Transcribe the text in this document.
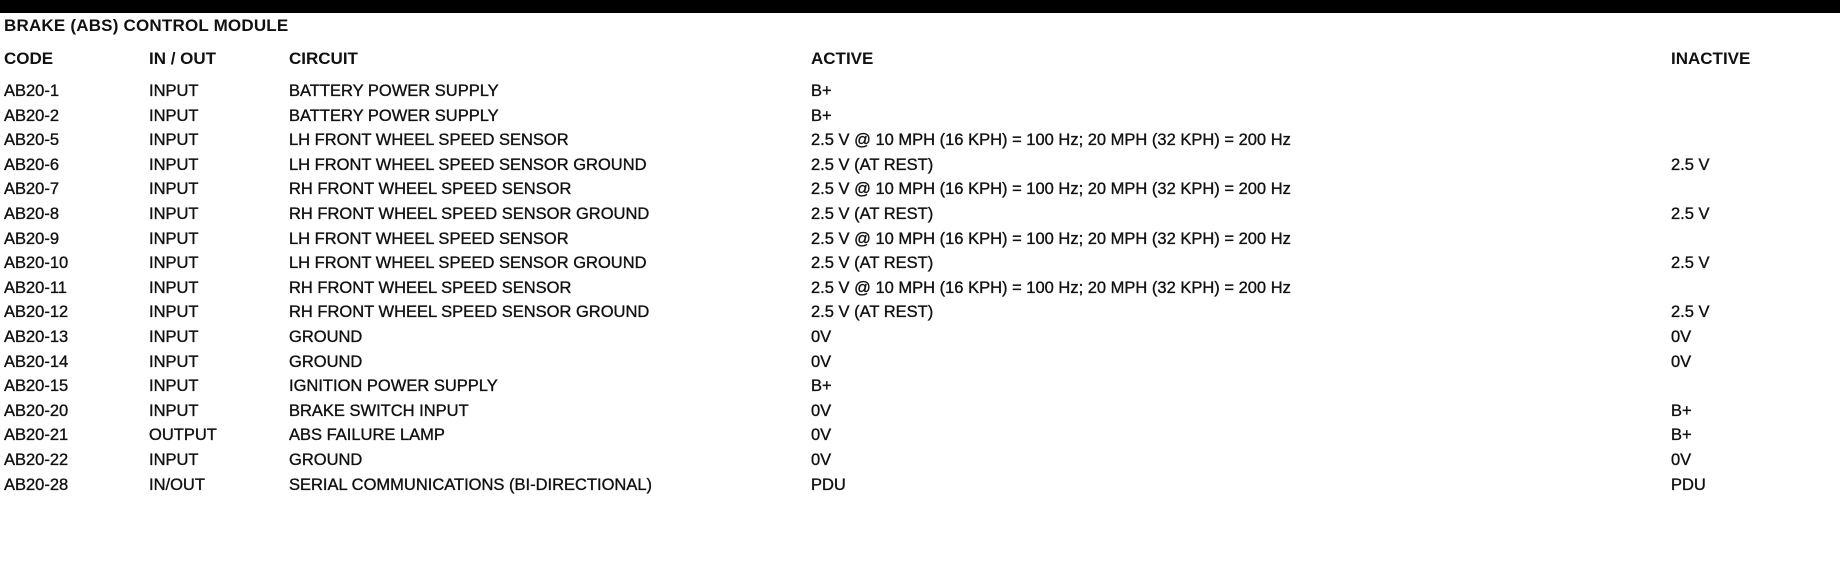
BRAKE (ABS) CONTROL MODULE
CODE	IN / OUT	CIRCUIT	ACTIVE	INACTIVE
AB20-1	INPUT	BATTERY POWER SUPPLY	B+	
AB20-2	INPUT	BATTERY POWER SUPPLY	B+	
AB20-5	INPUT	LH FRONT WHEEL SPEED SENSOR	2.5 V @ 10 MPH (16 KPH) = 100 Hz; 20 MPH (32 KPH) = 200 Hz	
AB20-6	INPUT	LH FRONT WHEEL SPEED SENSOR GROUND	2.5 V (AT REST)	2.5 V
AB20-7	INPUT	RH FRONT WHEEL SPEED SENSOR	2.5 V @ 10 MPH (16 KPH) = 100 Hz; 20 MPH (32 KPH) = 200 Hz	
AB20-8	INPUT	RH FRONT WHEEL SPEED SENSOR GROUND	2.5 V (AT REST)	2.5 V
AB20-9	INPUT	LH FRONT WHEEL SPEED SENSOR	2.5 V @ 10 MPH (16 KPH) = 100 Hz; 20 MPH (32 KPH) = 200 Hz	
AB20-10	INPUT	LH FRONT WHEEL SPEED SENSOR GROUND	2.5 V (AT REST)	2.5 V
AB20-11	INPUT	RH FRONT WHEEL SPEED SENSOR	2.5 V @ 10 MPH (16 KPH) = 100 Hz; 20 MPH (32 KPH) = 200 Hz	
AB20-12	INPUT	RH FRONT WHEEL SPEED SENSOR GROUND	2.5 V (AT REST)	2.5 V
AB20-13	INPUT	GROUND	0V	0V
AB20-14	INPUT	GROUND	0V	0V
AB20-15	INPUT	IGNITION POWER SUPPLY	B+	
AB20-20	INPUT	BRAKE SWITCH INPUT	0V	B+
AB20-21	OUTPUT	ABS FAILURE LAMP	0V	B+
AB20-22	INPUT	GROUND	0V	0V
AB20-28	IN/OUT	SERIAL COMMUNICATIONS (BI-DIRECTIONAL)	PDU	PDU
